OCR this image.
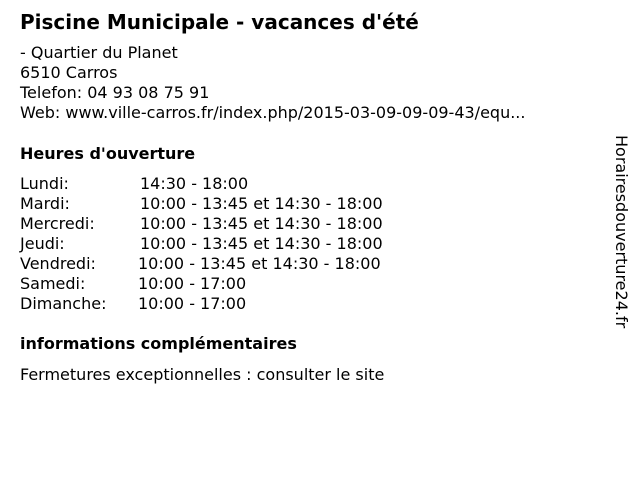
Piscine Municipale - vacances d'été
- Quartier du Planet
6510 Carros
Telefon: 04 93 08 75 91
Web: www.ville-carros.fr/index.php/2015-03-09-09-09-43/equ...
Heures d'ouverture
Lundi:	14:30 - 18:00
Mardi:	10:00 - 13:45 et 14:30 - 18:00
Mercredi:	10:00 - 13:45 et 14:30 - 18:00
Jeudi:	10:00 - 13:45 et 14:30 - 18:00
Vendredi:	10:00 - 13:45 et 14:30 - 18:00
Samedi:	10:00 - 17:00
Dimanche: 10:00 - 17:00
informations complémentaires
Fermetures exceptionnelles : consulter le site
Horairesdouverture24.fr
